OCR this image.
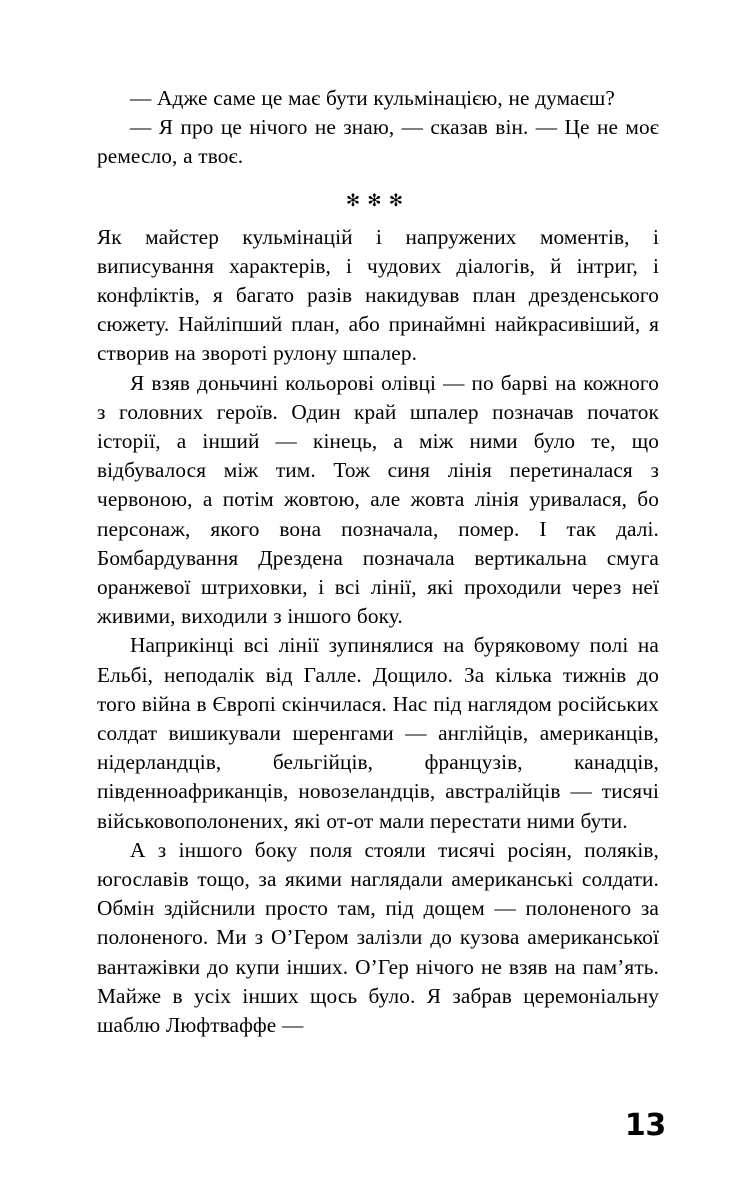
— Адже саме це має бути кульмінацією, не думаєш?

— Я про це нічого не знаю, — сказав він. — Це не моє ремесло, а твоє.

✻✻✻

Як майстер кульмінацій і напружених моментів, і виписування характерів, і чудових діалогів, й інтриг, і конфліктів, я багато разів накидував план дрезденського сюжету. Найліпший план, або принаймні найкрасивіший, я створив на звороті рулону шпалер.

Я взяв доньчині кольорові олівці — по барві на кожного з головних героїв. Один край шпалер позначав початок історії, а інший — кінець, а між ними було те, що відбувалося між тим. Тож синя лінія перетиналася з червоною, а потім жовтою, але жовта лінія уривалася, бо персонаж, якого вона позначала, помер. І так далі. Бомбардування Дрездена позначала вертикальна смуга оранжевої штриховки, і всі лінії, які проходили через неї живими, виходили з іншого боку.

Наприкінці всі лінії зупинялися на буряковому полі на Ельбі, неподалік від Галле. Дощило. За кілька тижнів до того війна в Європі скінчилася. Нас під наглядом російських солдат вишикували шеренгами — англійців, американців, нідерландців, бельгійців, французів, канадців, південноафриканців, новозеландців, австралійців — тисячі військовополонених, які от-от мали перестати ними бути.

А з іншого боку поля стояли тисячі росіян, поляків, югославів тощо, за якими наглядали американські солдати. Обмін здійснили просто там, під дощем — полоненого за полоненого. Ми з О’Гером залізли до кузова американської вантажівки до купи інших. О’Гер нічого не взяв на пам’ять. Майже в усіх інших щось було. Я забрав церемоніальну шаблю Люфтваффе —

13
